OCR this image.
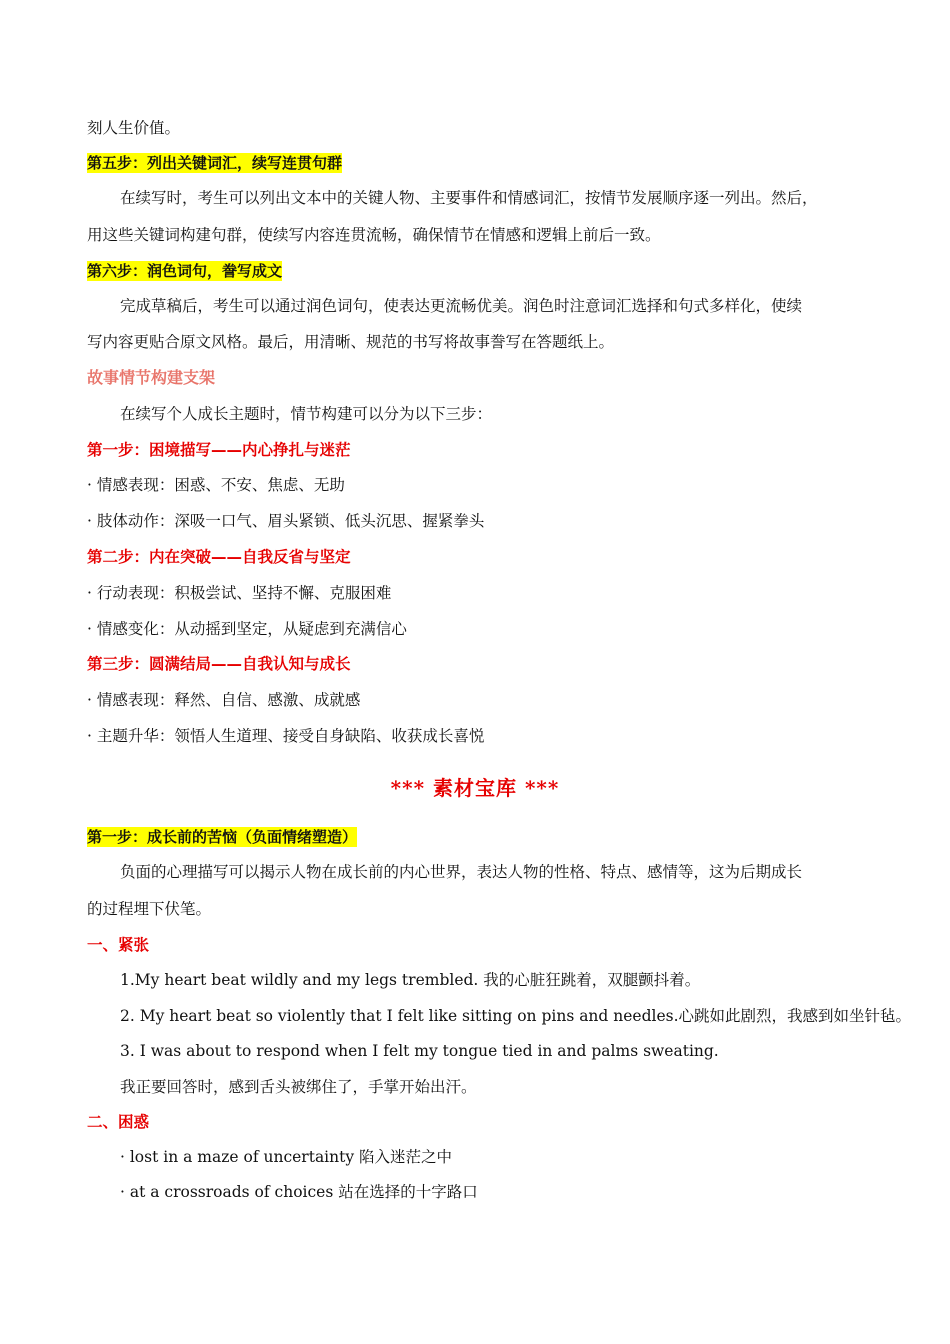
刻人生价值。
第五步：列出关键词汇，续写连贯句群
在续写时，考生可以列出文本中的关键人物、主要事件和情感词汇，按情节发展顺序逐一列出。然后，
用这些关键词构建句群，使续写内容连贯流畅，确保情节在情感和逻辑上前后一致。
第六步：润色词句，誊写成文
完成草稿后，考生可以通过润色词句，使表达更流畅优美。润色时注意词汇选择和句式多样化，使续
写内容更贴合原文风格。最后，用清晰、规范的书写将故事誊写在答题纸上。
故事情节构建支架
在续写个人成长主题时，情节构建可以分为以下三步：
第一步：困境描写——内心挣扎与迷茫
· 情感表现：困惑、不安、焦虑、无助
· 肢体动作：深吸一口气、眉头紧锁、低头沉思、握紧拳头
第二步：内在突破——自我反省与坚定
· 行动表现：积极尝试、坚持不懈、克服困难
· 情感变化：从动摇到坚定，从疑虑到充满信心
第三步：圆满结局——自我认知与成长
· 情感表现：释然、自信、感激、成就感
· 主题升华：领悟人生道理、接受自身缺陷、收获成长喜悦
*** 素材宝库 ***
第一步：成长前的苦恼（负面情绪塑造）
负面的心理描写可以揭示人物在成长前的内心世界，表达人物的性格、特点、感情等，这为后期成长
的过程埋下伏笔。
一、紧张
1.My heart beat wildly and my legs trembled. 我的心脏狂跳着，双腿颤抖着。
2. My heart beat so violently that I felt like sitting on pins and needles.心跳如此剧烈，我感到如坐针毡。
3. I was about to respond when I felt my tongue tied in and palms sweating.
我正要回答时，感到舌头被绑住了，手掌开始出汗。
二、困惑
· lost in a maze of uncertainty 陷入迷茫之中
· at a crossroads of choices 站在选择的十字路口
